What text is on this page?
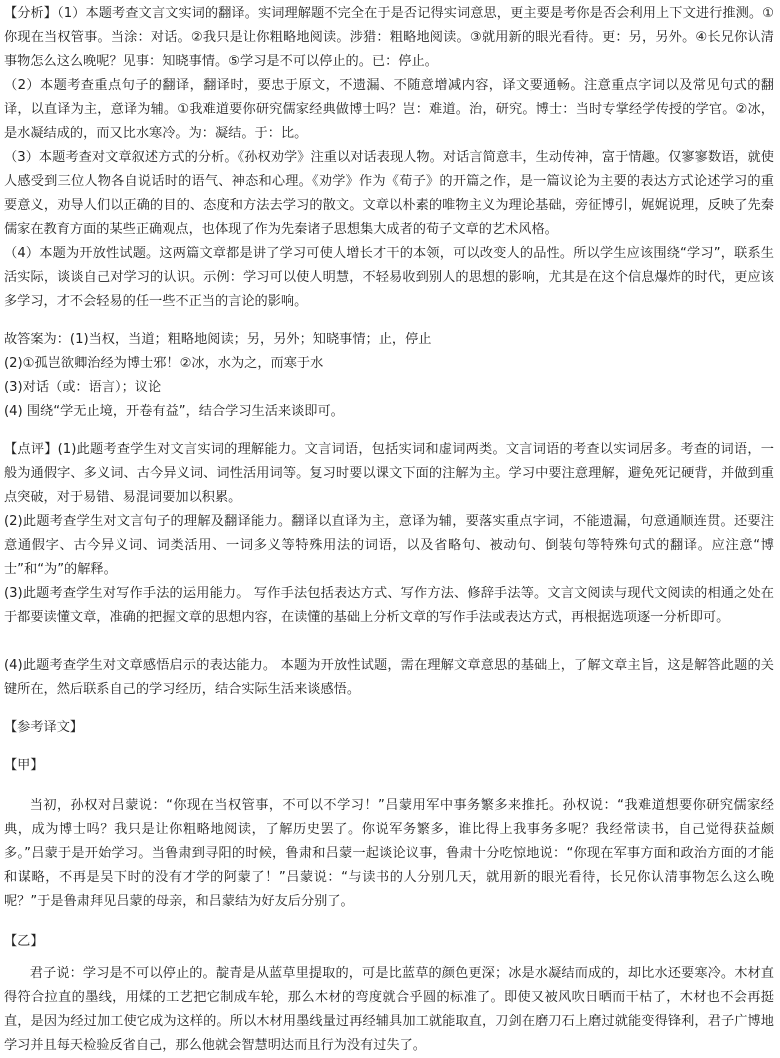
【分析】（1）本题考查文言文实词的翻译。实词理解题不完全在于是否记得实词意思，更主要是考你是否会利用上下文进行推测。①你现在当权管事。当涂：对话。②我只是让你粗略地阅读。涉猎：粗略地阅读。③就用新的眼光看待。更：另，另外。④长兄你认清事物怎么这么晚呢？见事：知晓事情。⑤学习是不可以停止的。已：停止。

（2）本题考查重点句子的翻译，翻译时，要忠于原文，不遗漏、不随意增减内容，译文要通畅。注意重点字词以及常见句式的翻译，以直译为主，意译为辅。①我难道要你研究儒家经典做博士吗？岂：难道。治，研究。博士：当时专掌经学传授的学官。②冰，是水凝结成的，而又比水寒冷。为：凝结。于：比。

（3）本题考查对文章叙述方式的分析。《孙权劝学》注重以对话表现人物。对话言简意丰，生动传神，富于情趣。仅寥寥数语，就使人感受到三位人物各自说话时的语气、神态和心理。《劝学》作为《荀子》的开篇之作，是一篇议论为主要的表达方式论述学习的重要意义，劝导人们以正确的目的、态度和方法去学习的散文。文章以朴素的唯物主义为理论基础，旁征博引，娓娓说理，反映了先秦儒家在教育方面的某些正确观点，也体现了作为先秦诸子思想集大成者的荀子文章的艺术风格。

（4）本题为开放性试题。这两篇文章都是讲了学习可使人增长才干的本领，可以改变人的品性。所以学生应该围绕“学习”，联系生活实际，谈谈自己对学习的认识。示例：学习可以使人明慧，不轻易收到别人的思想的影响，尤其是在这个信息爆炸的时代，更应该多学习，才不会轻易的任一些不正当的言论的影响。

故答案为：(1)当权，当道；粗略地阅读；另，另外；知晓事情；止，停止

(2)①孤岂欲卿治经为博士邪！②冰，水为之，而寒于水

(3)对话（或：语言）；议论

(4) 围绕“学无止境，开卷有益”，结合学习生活来谈即可。

【点评】(1)此题考查学生对文言实词的理解能力。文言词语，包括实词和虚词两类。文言词语的考查以实词居多。考查的词语，一般为通假字、多义词、古今异义词、词性活用词等。复习时要以课文下面的注解为主。学习中要注意理解，避免死记硬背，并做到重点突破，对于易错、易混词要加以积累。

(2)此题考查学生对文言句子的理解及翻译能力。翻译以直译为主，意译为辅，要落实重点字词，不能遗漏，句意通顺连贯。还要注意通假字、古今异义词、词类活用、一词多义等特殊用法的词语，以及省略句、被动句、倒装句等特殊句式的翻译。应注意“博士”和“为”的解释。

(3)此题考查学生对写作手法的运用能力。 写作手法包括表达方式、写作方法、修辞手法等。文言文阅读与现代文阅读的相通之处在于都要读懂文章，准确的把握文章的思想内容，在读懂的基础上分析文章的写作手法或表达方式，再根据选项逐一分析即可。

(4)此题考查学生对文章感悟启示的表达能力。 本题为开放性试题，需在理解文章意思的基础上，了解文章主旨，这是解答此题的关键所在，然后联系自己的学习经历，结合实际生活来谈感悟。

【参考译文】

【甲】

当初，孙权对吕蒙说：“你现在当权管事，不可以不学习！”吕蒙用军中事务繁多来推托。孙权说：“我难道想要你研究儒家经典，成为博士吗？我只是让你粗略地阅读，了解历史罢了。你说军务繁多，谁比得上我事务多呢？我经常读书，自己觉得获益颇多。”吕蒙于是开始学习。当鲁肃到寻阳的时候，鲁肃和吕蒙一起谈论议事，鲁肃十分吃惊地说：“你现在军事方面和政治方面的才能和谋略，不再是吴下时的没有才学的阿蒙了！”吕蒙说：“与读书的人分别几天，就用新的眼光看待，长兄你认清事物怎么这么晚呢？”于是鲁肃拜见吕蒙的母亲，和吕蒙结为好友后分别了。

【乙】

君子说：学习是不可以停止的。靛青是从蓝草里提取的，可是比蓝草的颜色更深；冰是水凝结而成的，却比水还要寒冷。木材直得符合拉直的墨线，用煣的工艺把它制成车轮，那么木材的弯度就合乎圆的标准了。即使又被风吹日晒而干枯了，木材也不会再挺直，是因为经过加工使它成为这样的。所以木材用墨线量过再经辅具加工就能取直，刀剑在磨刀石上磨过就能变得锋利，君子广博地学习并且每天检验反省自己，那么他就会智慧明达而且行为没有过失了。
